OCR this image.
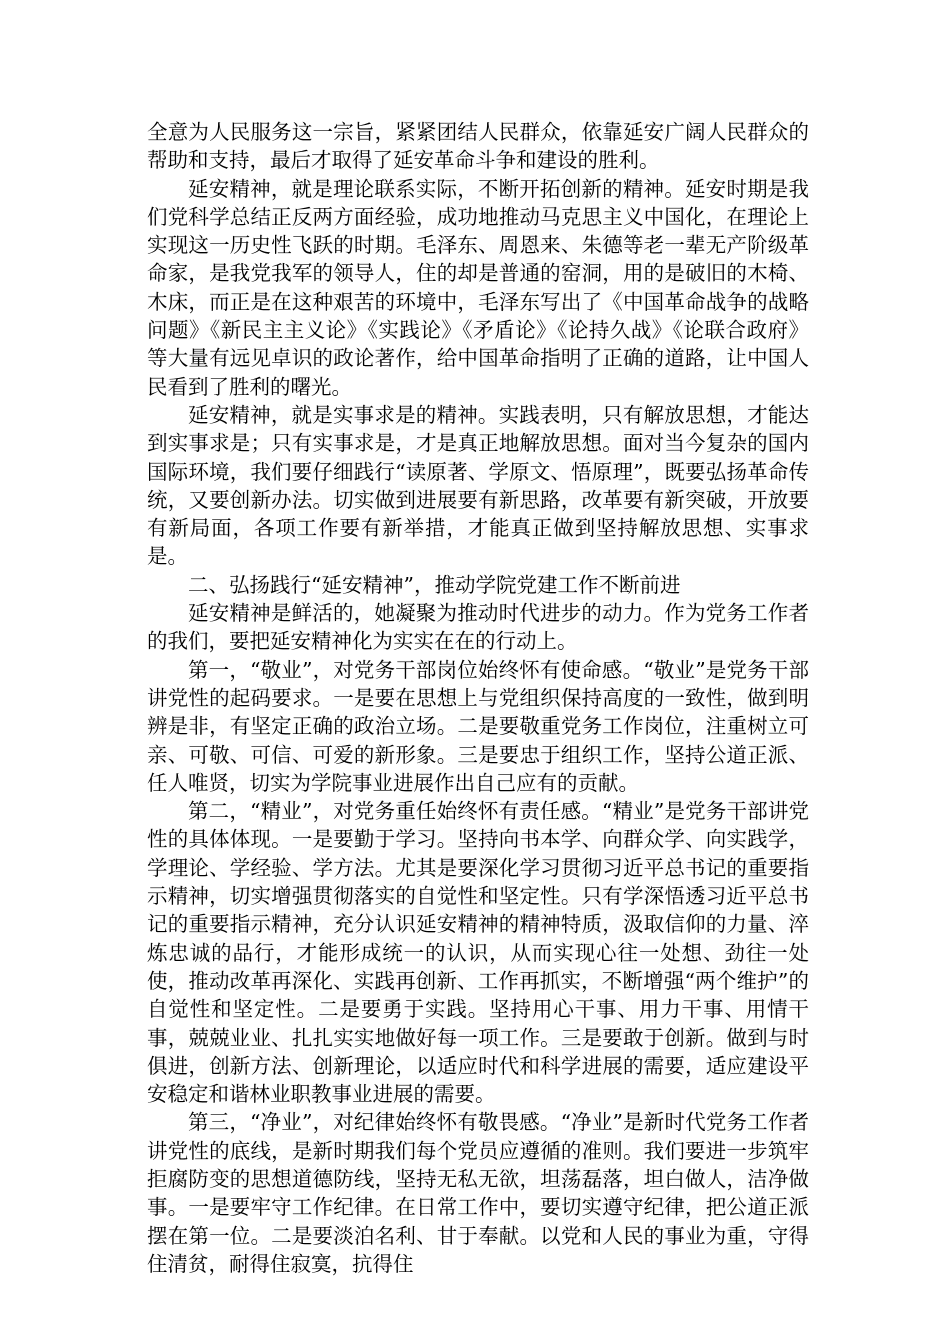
全意为人民服务这一宗旨，紧紧团结人民群众，依靠延安广阔人民群众的帮助和支持，最后才取得了延安革命斗争和建设的胜利。

延安精神，就是理论联系实际，不断开拓创新的精神。延安时期是我们党科学总结正反两方面经验，成功地推动马克思主义中国化，在理论上实现这一历史性飞跃的时期。毛泽东、周恩来、朱德等老一辈无产阶级革命家，是我党我军的领导人，住的却是普通的窑洞，用的是破旧的木椅、木床，而正是在这种艰苦的环境中，毛泽东写出了《中国革命战争的战略问题》《新民主主义论》《实践论》《矛盾论》《论持久战》《论联合政府》等大量有远见卓识的政论著作，给中国革命指明了正确的道路，让中国人民看到了胜利的曙光。

延安精神，就是实事求是的精神。实践表明，只有解放思想，才能达到实事求是；只有实事求是，才是真正地解放思想。面对当今复杂的国内国际环境，我们要仔细践行“读原著、学原文、悟原理”，既要弘扬革命传统，又要创新办法。切实做到进展要有新思路，改革要有新突破，开放要有新局面，各项工作要有新举措，才能真正做到坚持解放思想、实事求是。

二、弘扬践行“延安精神”，推动学院党建工作不断前进

延安精神是鲜活的，她凝聚为推动时代进步的动力。作为党务工作者的我们，要把延安精神化为实实在在的行动上。

第一，“敬业”，对党务干部岗位始终怀有使命感。“敬业”是党务干部讲党性的起码要求。一是要在思想上与党组织保持高度的一致性，做到明辨是非，有坚定正确的政治立场。二是要敬重党务工作岗位，注重树立可亲、可敬、可信、可爱的新形象。三是要忠于组织工作，坚持公道正派、任人唯贤，切实为学院事业进展作出自己应有的贡献。

第二，“精业”，对党务重任始终怀有责任感。“精业”是党务干部讲党性的具体体现。一是要勤于学习。坚持向书本学、向群众学、向实践学，学理论、学经验、学方法。尤其是要深化学习贯彻习近平总书记的重要指示精神，切实增强贯彻落实的自觉性和坚定性。只有学深悟透习近平总书记的重要指示精神，充分认识延安精神的精神特质，汲取信仰的力量、淬炼忠诚的品行，才能形成统一的认识，从而实现心往一处想、劲往一处使，推动改革再深化、实践再创新、工作再抓实，不断增强“两个维护”的自觉性和坚定性。二是要勇于实践。坚持用心干事、用力干事、用情干事，兢兢业业、扎扎实实地做好每一项工作。三是要敢于创新。做到与时俱进，创新方法、创新理论，以适应时代和科学进展的需要，适应建设平安稳定和谐林业职教事业进展的需要。

第三，“净业”，对纪律始终怀有敬畏感。“净业”是新时代党务工作者讲党性的底线，是新时期我们每个党员应遵循的准则。我们要进一步筑牢拒腐防变的思想道德防线，坚持无私无欲，坦荡磊落，坦白做人，洁净做事。一是要牢守工作纪律。在日常工作中，要切实遵守纪律，把公道正派摆在第一位。二是要淡泊名利、甘于奉献。以党和人民的事业为重，守得住清贫，耐得住寂寞，抗得住
